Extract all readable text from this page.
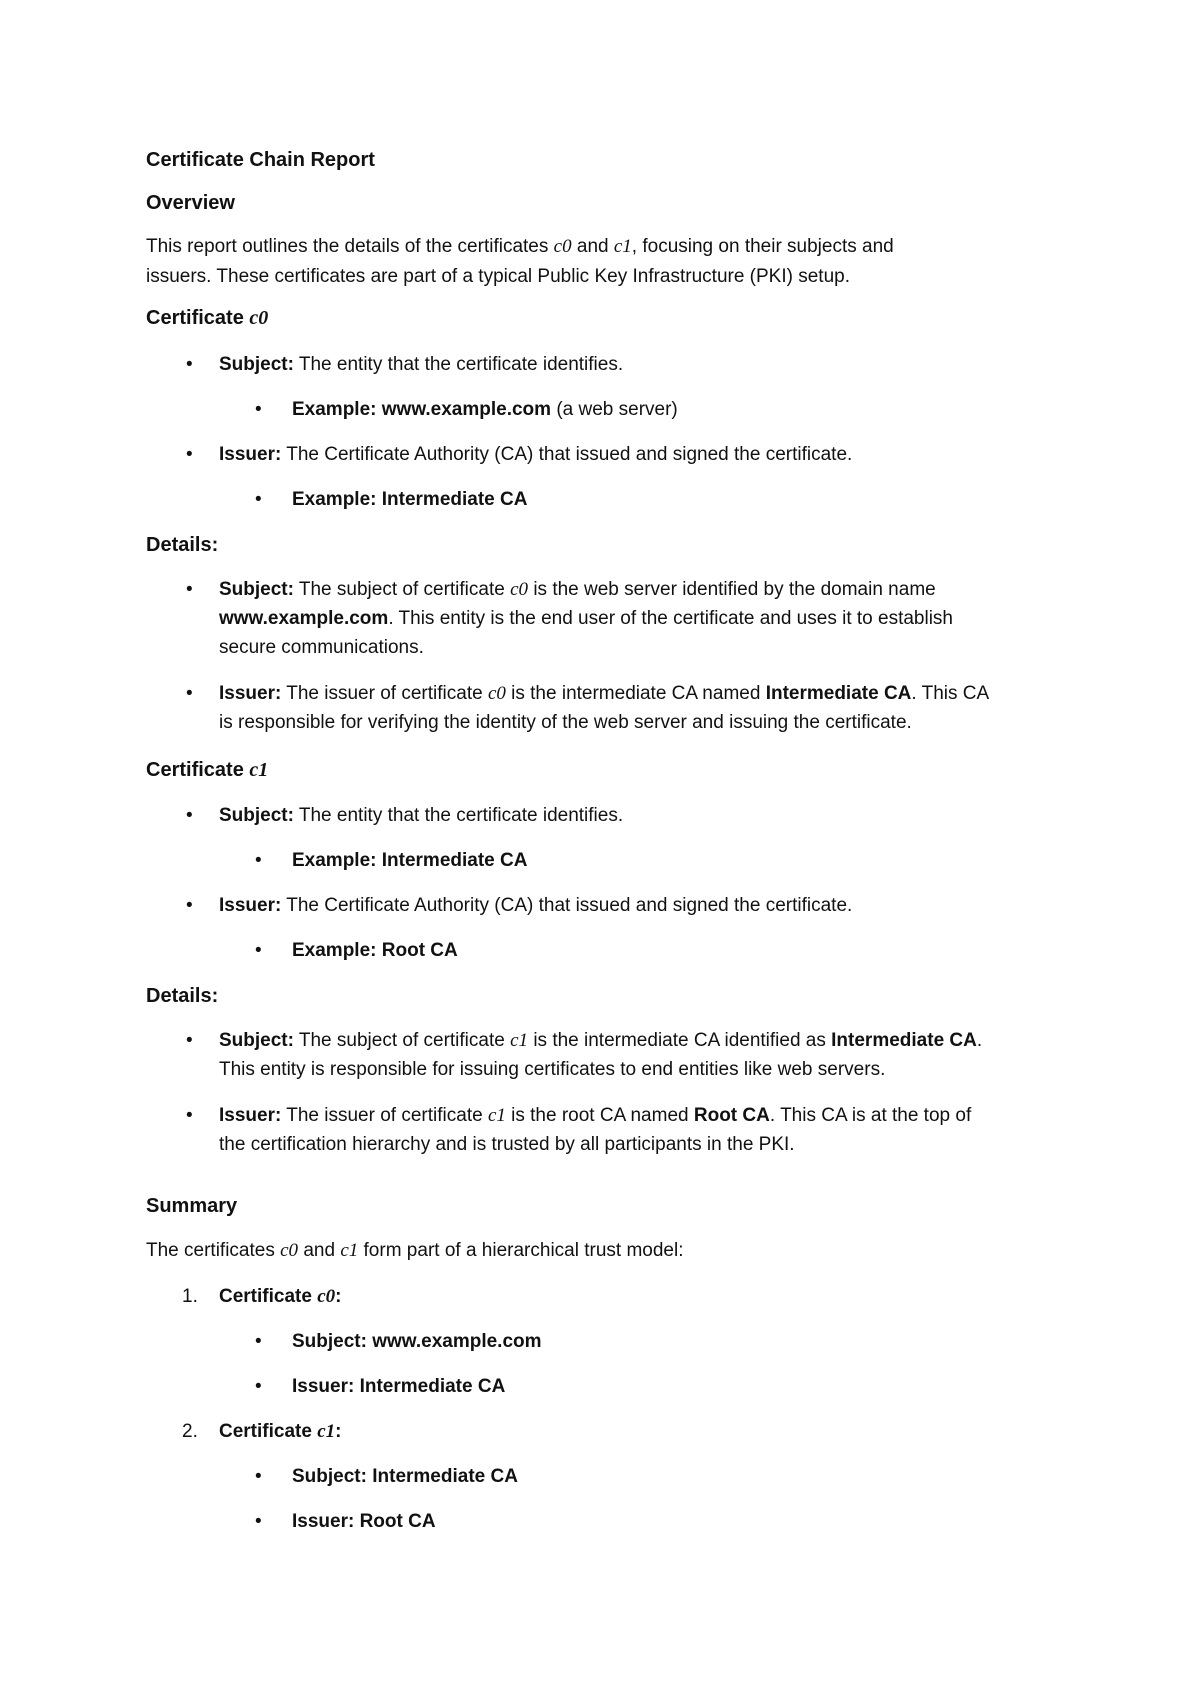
Certificate Chain Report
Overview
This report outlines the details of the certificates c0 and c1, focusing on their subjects and
issuers. These certificates are part of a typical Public Key Infrastructure (PKI) setup.
Certificate c0
• Subject: The entity that the certificate identifies.
• Example: www.example.com (a web server)
• Issuer: The Certificate Authority (CA) that issued and signed the certificate.
• Example: Intermediate CA
Details:
• Subject: The subject of certificate c0 is the web server identified by the domain name
www.example.com. This entity is the end user of the certificate and uses it to establish
secure communications.
• Issuer: The issuer of certificate c0 is the intermediate CA named Intermediate CA. This CA
is responsible for verifying the identity of the web server and issuing the certificate.
Certificate c1
• Subject: The entity that the certificate identifies.
• Example: Intermediate CA
• Issuer: The Certificate Authority (CA) that issued and signed the certificate.
• Example: Root CA
Details:
• Subject: The subject of certificate c1 is the intermediate CA identified as Intermediate CA.
This entity is responsible for issuing certificates to end entities like web servers.
• Issuer: The issuer of certificate c1 is the root CA named Root CA. This CA is at the top of
the certification hierarchy and is trusted by all participants in the PKI.
Summary
The certificates c0 and c1 form part of a hierarchical trust model:
1. Certificate c0:
• Subject: www.example.com
• Issuer: Intermediate CA
2. Certificate c1:
• Subject: Intermediate CA
• Issuer: Root CA
